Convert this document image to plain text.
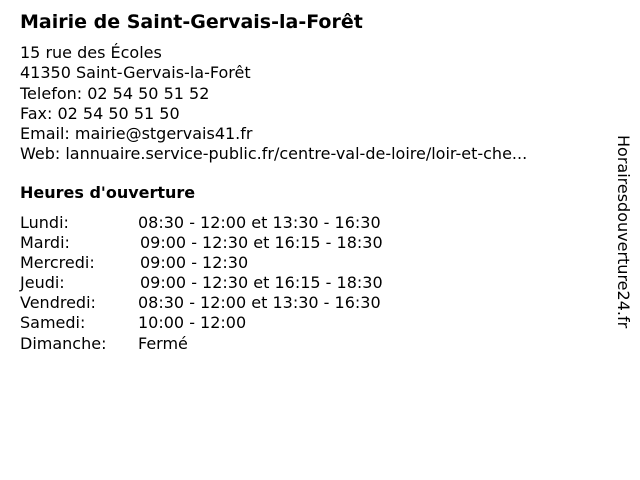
Mairie de Saint-Gervais-la-Forêt
15 rue des Écoles
41350 Saint-Gervais-la-Forêt
Telefon: 02 54 50 51 52
Fax: 02 54 50 51 50
Email: mairie@stgervais41.fr
Web: lannuaire.service-public.fr/centre-val-de-loire/loir-et-che...
Heures d'ouverture
Lundi:	08:30 - 12:00 et 13:30 - 16:30
Mardi:	09:00 - 12:30 et 16:15 - 18:30
Mercredi:	09:00 - 12:30
Jeudi:	09:00 - 12:30 et 16:15 - 18:30
Vendredi:	08:30 - 12:00 et 13:30 - 16:30
Samedi:	10:00 - 12:00
Dimanche: Fermé
Horairesdouverture24.fr
